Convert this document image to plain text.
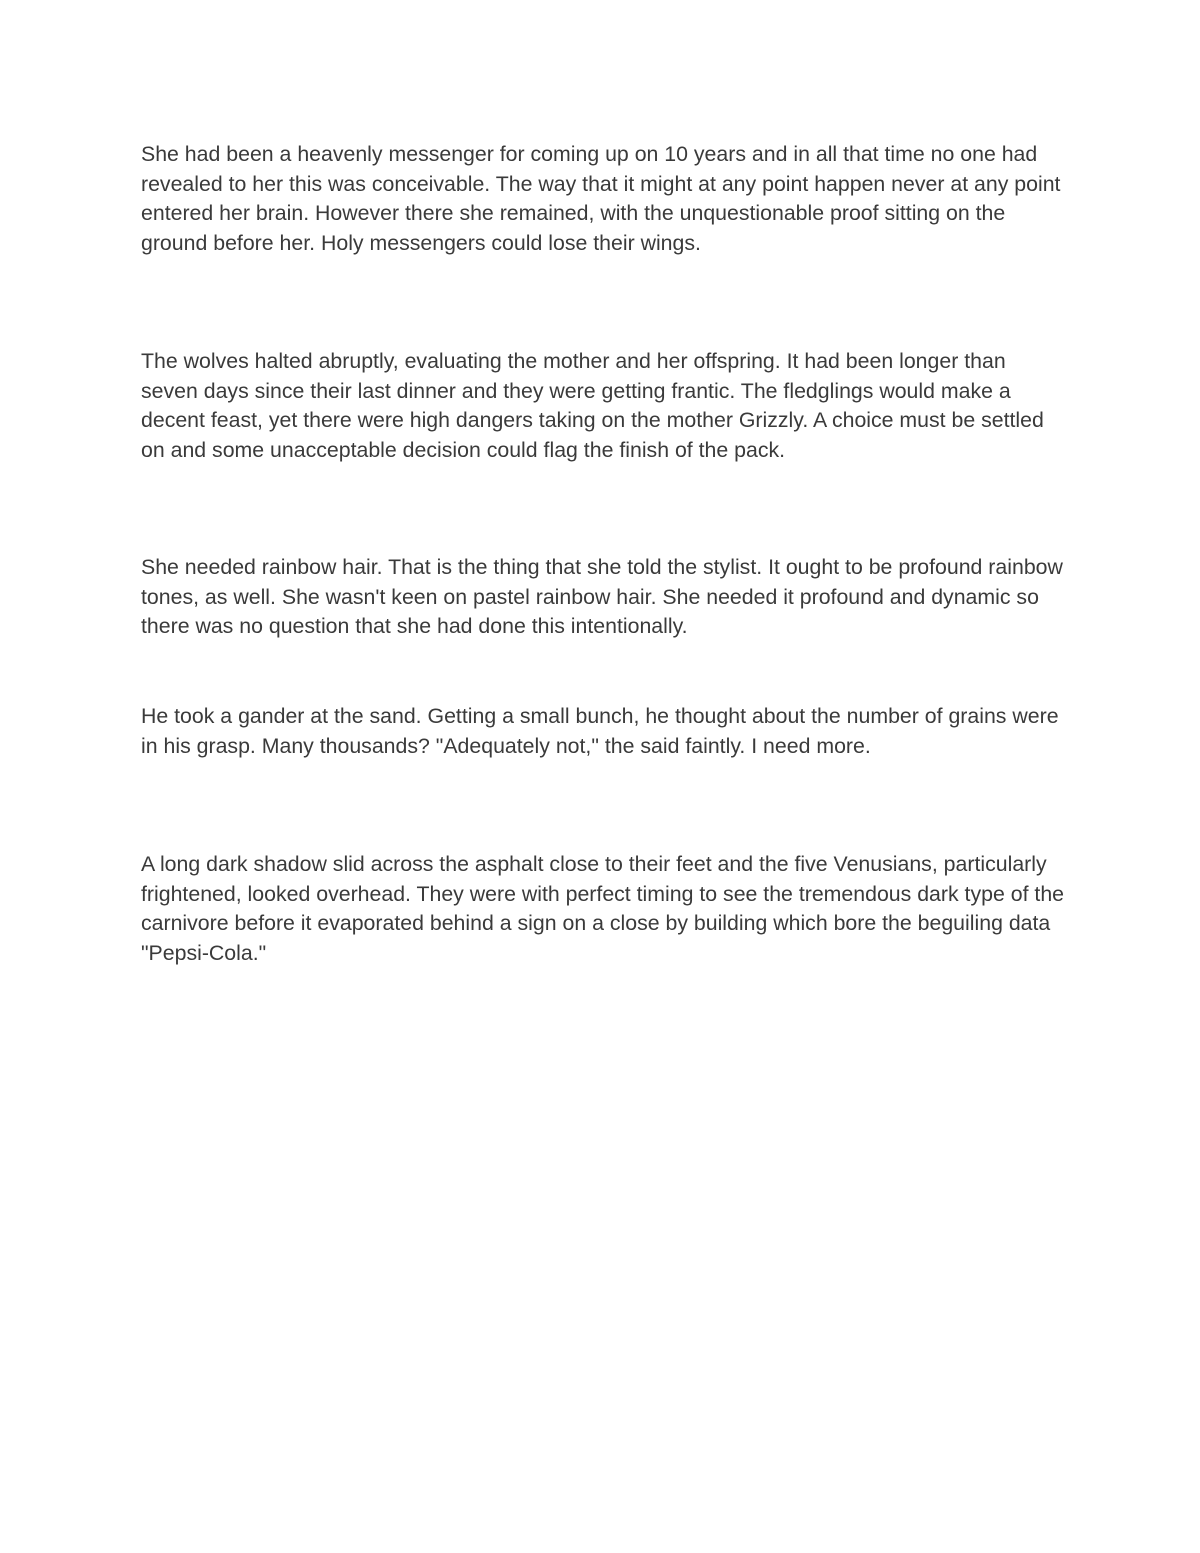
She had been a heavenly messenger for coming up on 10 years and in all that time no one had revealed to her this was conceivable. The way that it might at any point happen never at any point entered her brain. However there she remained, with the unquestionable proof sitting on the ground before her. Holy messengers could lose their wings.

The wolves halted abruptly, evaluating the mother and her offspring. It had been longer than seven days since their last dinner and they were getting frantic. The fledglings would make a decent feast, yet there were high dangers taking on the mother Grizzly. A choice must be settled on and some unacceptable decision could flag the finish of the pack.

She needed rainbow hair. That is the thing that she told the stylist. It ought to be profound rainbow tones, as well. She wasn't keen on pastel rainbow hair. She needed it profound and dynamic so there was no question that she had done this intentionally.

He took a gander at the sand. Getting a small bunch, he thought about the number of grains were in his grasp. Many thousands? "Adequately not," the said faintly. I need more.

A long dark shadow slid across the asphalt close to their feet and the five Venusians, particularly frightened, looked overhead. They were with perfect timing to see the tremendous dark type of the carnivore before it evaporated behind a sign on a close by building which bore the beguiling data "Pepsi-Cola."
